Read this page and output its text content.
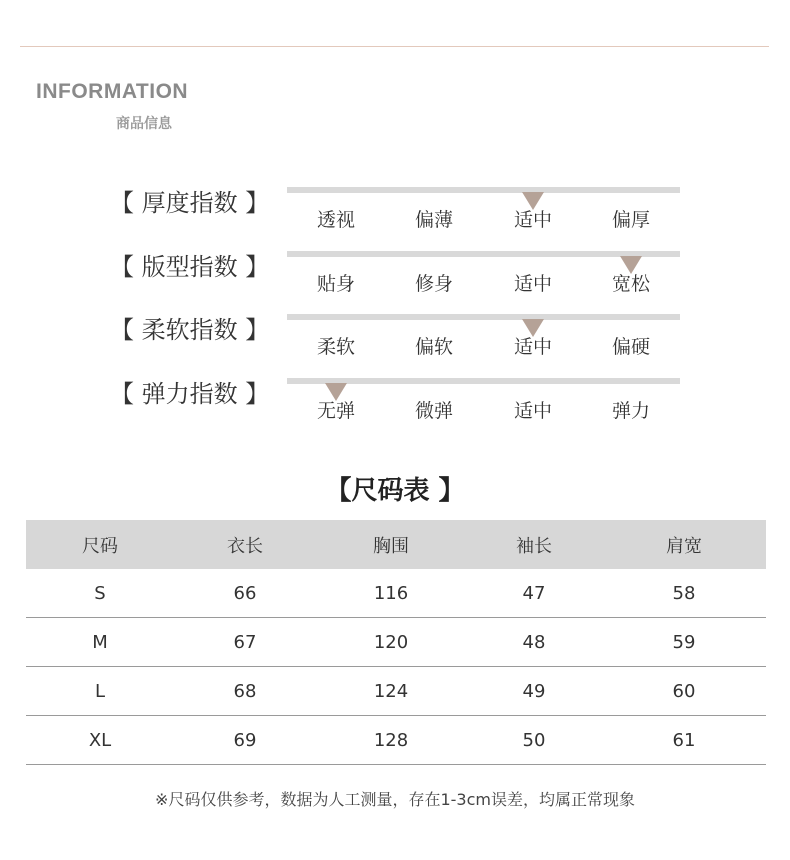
INFORMATION
商品信息
【 厚度指数 】
透视	偏薄	适中	偏厚
【 版型指数 】
贴身	修身	适中	宽松
【 柔软指数 】
柔软	偏软	适中	偏硬
【 弹力指数 】
无弹	微弹	适中	弹力
【尺码表 】
尺码	衣长	胸围	袖长	肩宽
S	66	116	47	58
M	67	120	48	59
L	68	124	49	60
XL	69	128	50	61
※尺码仅供参考，数据为人工测量，存在1-3cm误差，均属正常现象
